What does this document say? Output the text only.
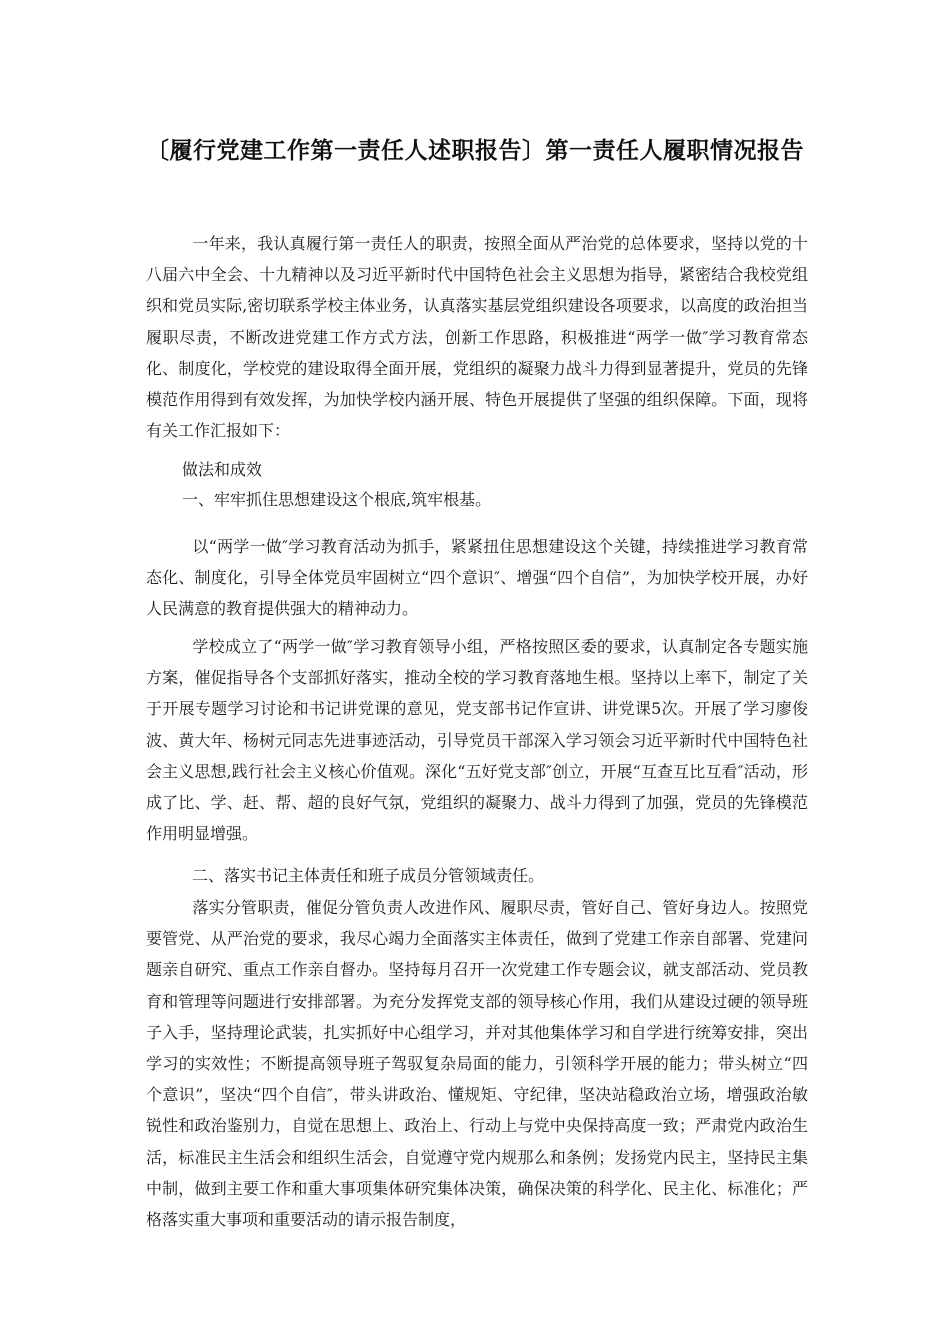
〔履行党建工作第一责任人述职报告〕第一责任人履职情况报告

一年来，我认真履行第一责任人的职责，按照全面从严治党的总体要求，坚持以党的十八届六中全会、十九精神以及习近平新时代中国特色社会主义思想为指导，紧密结合我校党组织和党员实际,密切联系学校主体业务，认真落实基层党组织建设各项要求，以高度的政治担当履职尽责，不断改进党建工作方式方法，创新工作思路，积极推进“两学一做″学习教育常态化、制度化，学校党的建设取得全面开展，党组织的凝聚力战斗力得到显著提升，党员的先锋模范作用得到有效发挥，为加快学校内涵开展、特色开展提供了坚强的组织保障。下面，现将有关工作汇报如下：

做法和成效

一、牢牢抓住思想建设这个根底,筑牢根基。

以“两学一做″学习教育活动为抓手，紧紧扭住思想建设这个关键，持续推进学习教育常态化、制度化，引导全体党员牢固树立“四个意识″、增强“四个自信”，为加快学校开展，办好人民满意的教育提供强大的精神动力。

学校成立了“两学一做″学习教育领导小组，严格按照区委的要求，认真制定各专题实施方案，催促指导各个支部抓好落实，推动全校的学习教育落地生根。坚持以上率下，制定了关于开展专题学习讨论和书记讲党课的意见，党支部书记作宣讲、讲党课5次。开展了学习廖俊波、黄大年、杨树元同志先进事迹活动，引导党员干部深入学习领会习近平新时代中国特色社会主义思想,践行社会主义核心价值观。深化“五好党支部″创立，开展“互查互比互看″活动，形成了比、学、赶、帮、超的良好气氛，党组织的凝聚力、战斗力得到了加强，党员的先锋模范作用明显增强。

二、落实书记主体责任和班子成员分管领域责任。

落实分管职责，催促分管负责人改进作风、履职尽责，管好自己、管好身边人。按照党要管党、从严治党的要求，我尽心竭力全面落实主体责任，做到了党建工作亲自部署、党建问题亲自研究、重点工作亲自督办。坚持每月召开一次党建工作专题会议，就支部活动、党员教育和管理等问题进行安排部署。为充分发挥党支部的领导核心作用，我们从建设过硬的领导班子入手，坚持理论武装，扎实抓好中心组学习，并对其他集体学习和自学进行统筹安排，突出学习的实效性；不断提高领导班子驾驭复杂局面的能力，引领科学开展的能力；带头树立“四个意识”，坚决“四个自信″，带头讲政治、懂规矩、守纪律，坚决站稳政治立场，增强政治敏锐性和政治鉴别力，自觉在思想上、政治上、行动上与党中央保持高度一致；严肃党内政治生活，标准民主生活会和组织生活会，自觉遵守党内规那么和条例；发扬党内民主，坚持民主集中制，做到主要工作和重大事项集体研究集体决策，确保决策的科学化、民主化、标准化；严格落实重大事项和重要活动的请示报告制度，
